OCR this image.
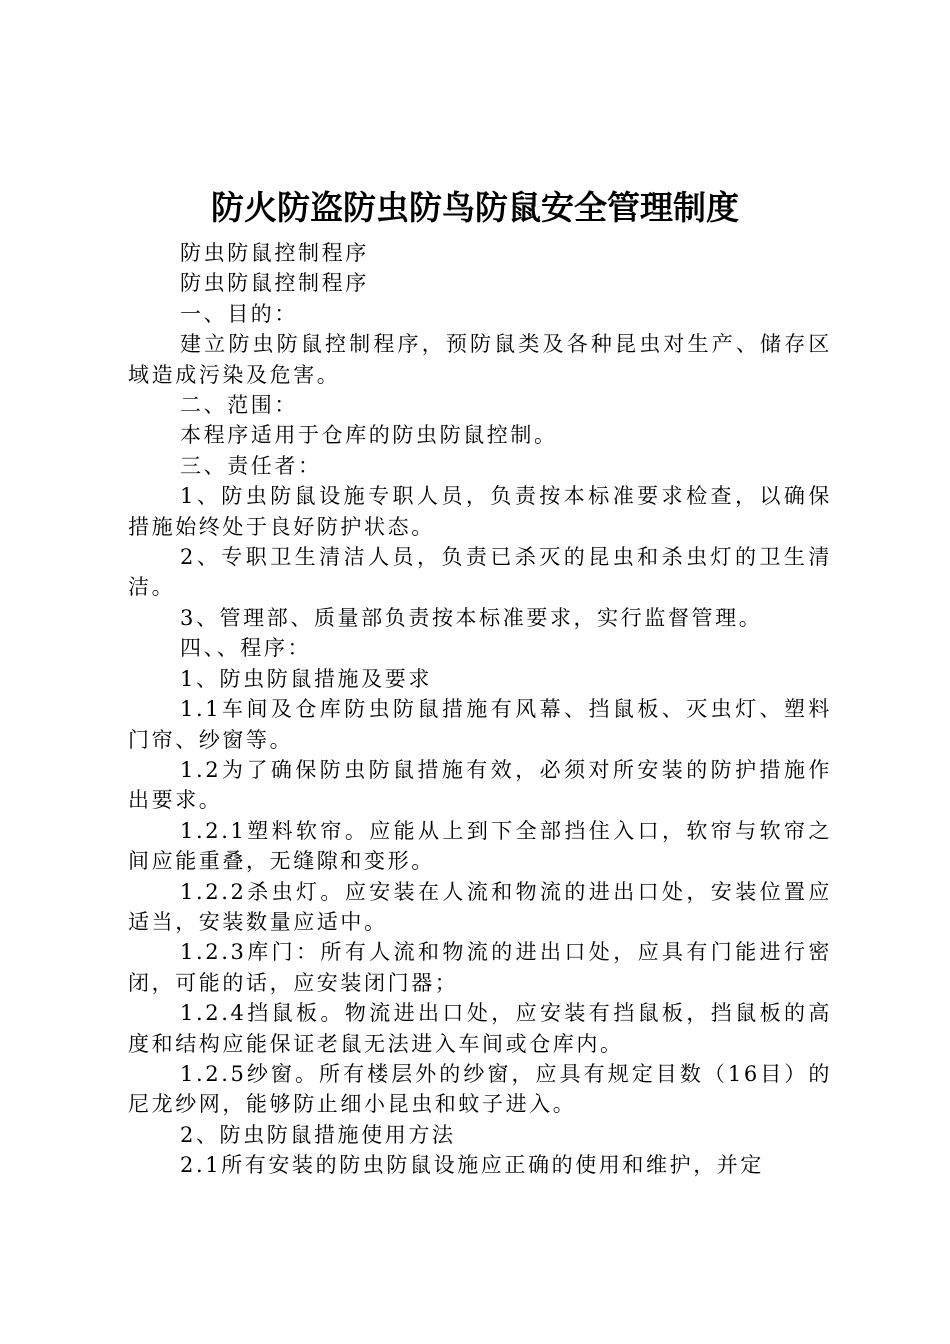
防火防盗防虫防鸟防鼠安全管理制度

防虫防鼠控制程序

防虫防鼠控制程序

一、目的：

建立防虫防鼠控制程序，预防鼠类及各种昆虫对生产、储存区域造成污染及危害。

二、范围：

本程序适用于仓库的防虫防鼠控制。

三、责任者：

1、防虫防鼠设施专职人员，负责按本标准要求检查，以确保措施始终处于良好防护状态。

2、专职卫生清洁人员，负责已杀灭的昆虫和杀虫灯的卫生清洁。

3、管理部、质量部负责按本标准要求，实行监督管理。

四、、程序：

1、防虫防鼠措施及要求

1.1车间及仓库防虫防鼠措施有风幕、挡鼠板、灭虫灯、塑料门帘、纱窗等。

1.2为了确保防虫防鼠措施有效，必须对所安装的防护措施作出要求。

1.2.1塑料软帘。应能从上到下全部挡住入口，软帘与软帘之间应能重叠，无缝隙和变形。

1.2.2杀虫灯。应安装在人流和物流的进出口处，安装位置应适当，安装数量应适中。

1.2.3库门：所有人流和物流的进出口处，应具有门能进行密闭，可能的话，应安装闭门器；

1.2.4挡鼠板。物流进出口处，应安装有挡鼠板，挡鼠板的高度和结构应能保证老鼠无法进入车间或仓库内。

1.2.5纱窗。所有楼层外的纱窗，应具有规定目数（16目）的尼龙纱网，能够防止细小昆虫和蚊子进入。

2、防虫防鼠措施使用方法

2.1所有安装的防虫防鼠设施应正确的使用和维护，并定
